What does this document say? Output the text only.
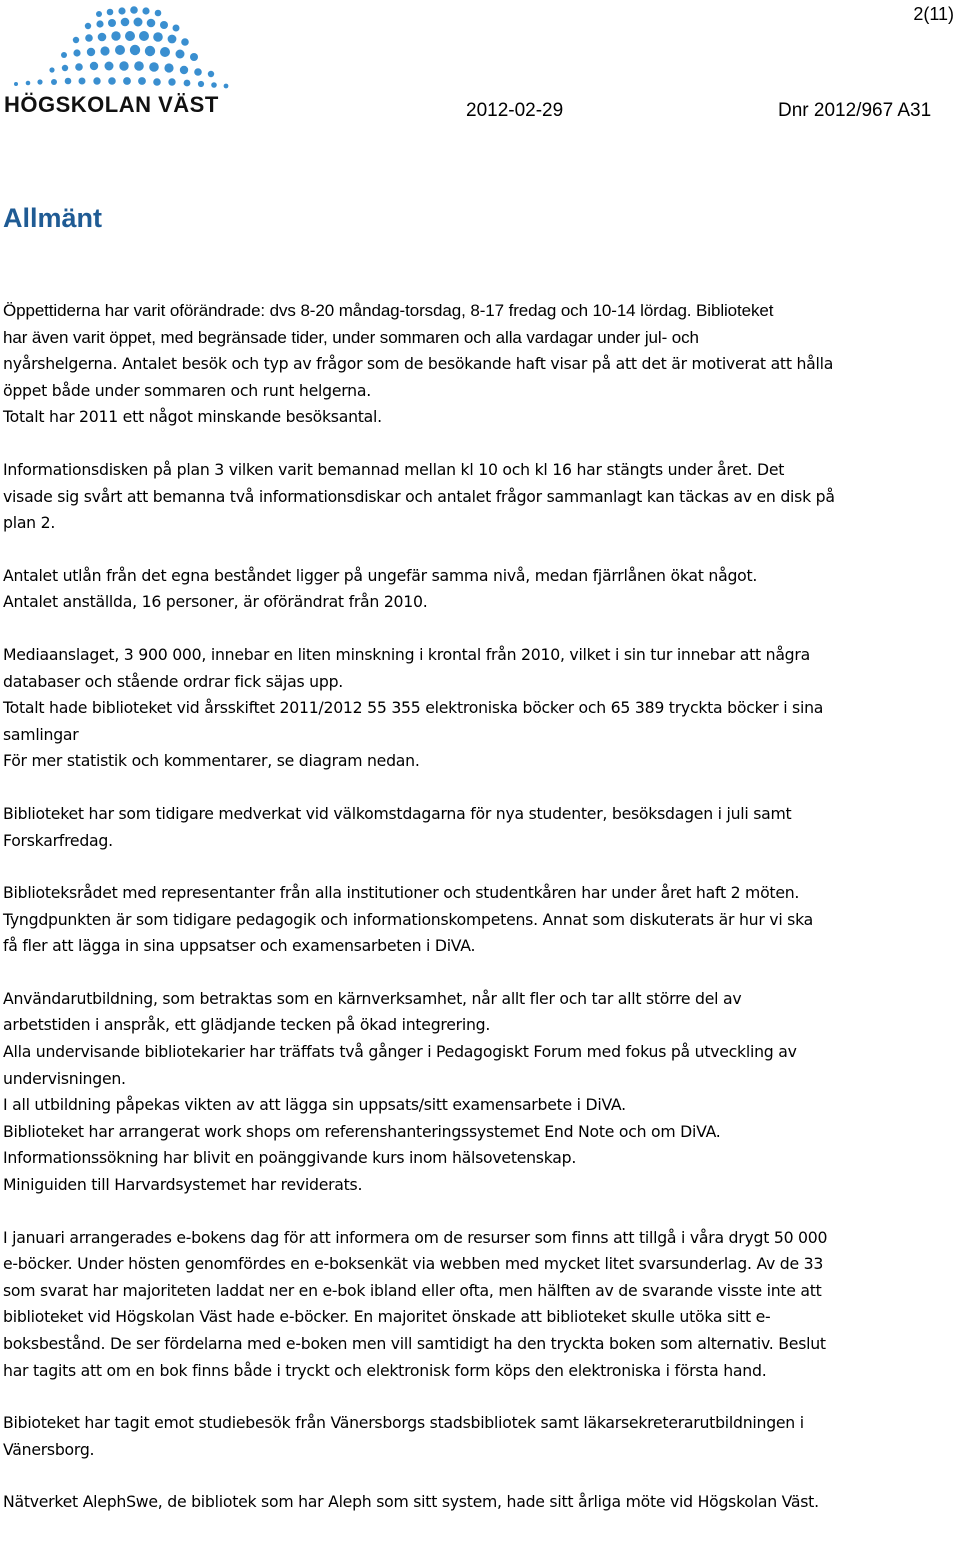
2(11)
HÖGSKOLAN VÄST	2012-02-29	Dnr 2012/967 A31
Allmänt

Öppettiderna har varit oförändrade: dvs 8-20 måndag-torsdag, 8-17 fredag och 10-14 lördag. Biblioteket
har även varit öppet, med begränsade tider, under sommaren och alla vardagar under jul- och
nyårshelgerna. Antalet besök och typ av frågor som de besökande haft visar på att det är motiverat att hålla
öppet både under sommaren och runt helgerna.
Totalt har 2011 ett något minskande besöksantal.

Informationsdisken på plan 3 vilken varit bemannad mellan kl 10 och kl 16 har stängts under året. Det
visade sig svårt att bemanna två informationsdiskar och antalet frågor sammanlagt kan täckas av en disk på
plan 2.

Antalet utlån från det egna beståndet ligger på ungefär samma nivå, medan fjärrlånen ökat något.
Antalet anställda, 16 personer, är oförändrat från 2010.

Mediaanslaget, 3 900 000, innebar en liten minskning i krontal från 2010, vilket i sin tur innebar att några
databaser och stående ordrar fick säjas upp.
Totalt hade biblioteket vid årsskiftet 2011/2012 55 355 elektroniska böcker och 65 389 tryckta böcker i sina
samlingar
För mer statistik och kommentarer, se diagram nedan.

Biblioteket har som tidigare medverkat vid välkomstdagarna för nya studenter, besöksdagen i juli samt
Forskarfredag.

Biblioteksrådet med representanter från alla institutioner och studentkåren har under året haft 2 möten.
Tyngdpunkten är som tidigare pedagogik och informationskompetens. Annat som diskuterats är hur vi ska
få fler att lägga in sina uppsatser och examensarbeten i DiVA.

Användarutbildning, som betraktas som en kärnverksamhet, når allt fler och tar allt större del av
arbetstiden i anspråk, ett glädjande tecken på ökad integrering.
Alla undervisande bibliotekarier har träffats två gånger i Pedagogiskt Forum med fokus på utveckling av
undervisningen.
I all utbildning påpekas vikten av att lägga sin uppsats/sitt examensarbete i DiVA.
Biblioteket har arrangerat work shops om referenshanteringssystemet End Note och om DiVA.
Informationssökning har blivit en poänggivande kurs inom hälsovetenskap.
Miniguiden till Harvardsystemet har reviderats.

I januari arrangerades e-bokens dag för att informera om de resurser som finns att tillgå i våra drygt 50 000
e-böcker. Under hösten genomfördes en e-boksenkät via webben med mycket litet svarsunderlag. Av de 33
som svarat har majoriteten laddat ner en e-bok ibland eller ofta, men hälften av de svarande visste inte att
biblioteket vid Högskolan Väst hade e-böcker. En majoritet önskade att biblioteket skulle utöka sitt e-
boksbestånd. De ser fördelarna med e-boken men vill samtidigt ha den tryckta boken som alternativ. Beslut
har tagits att om en bok finns både i tryckt och elektronisk form köps den elektroniska i första hand.

Bibioteket har tagit emot studiebesök från Vänersborgs stadsbibliotek samt läkarsekreterarutbildningen i
Vänersborg.

Nätverket AlephSwe, de bibliotek som har Aleph som sitt system, hade sitt årliga möte vid Högskolan Väst.
